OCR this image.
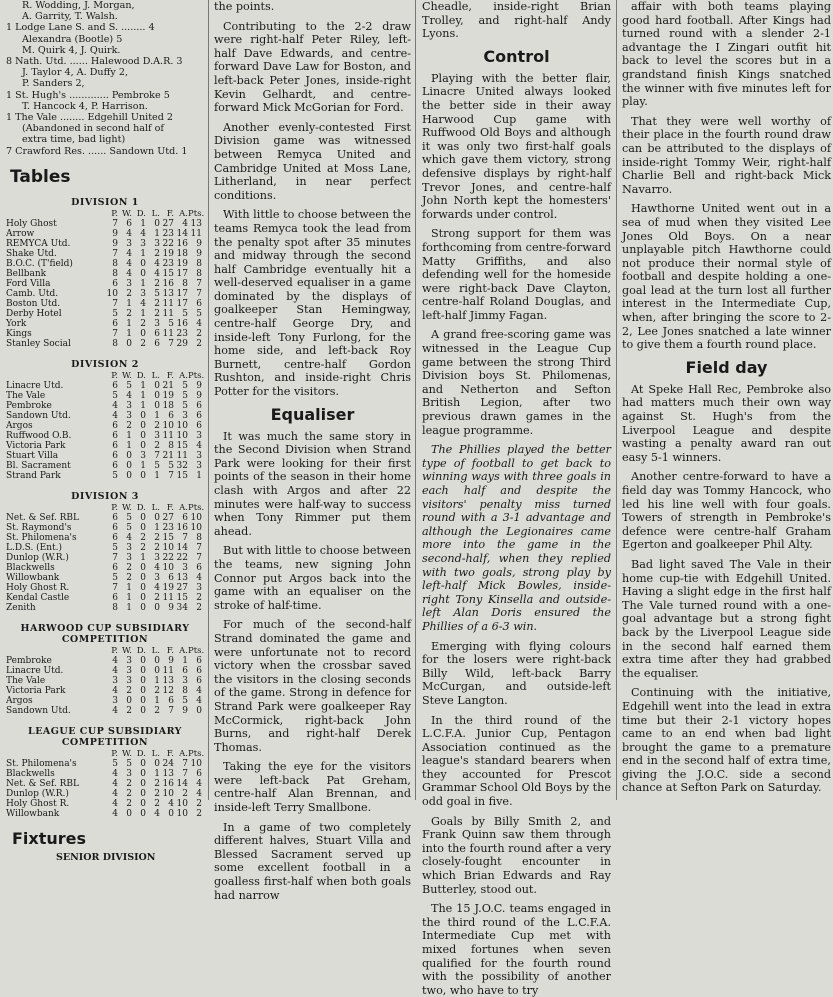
R. Wodding, J. Morgan,
A. Garrity, T. Walsh.
1 Lodge Lane S. and S. ........ 4
Alexandra (Bootle) 5
M. Quirk 4, J. Quirk.
8 Nath. Utd. ...... Halewood D.A.R. 3
J. Taylor 4, A. Duffy 2,
P. Sanders 2,
1 St. Hugh's ............. Pembroke 5
T. Hancock 4, P. Harrison.
1 The Vale ........ Edgehill United 2
(Abandoned in second half of
extra time, bad light)
7 Crawford Res. ...... Sandown Utd. 1
Tables
DIVISION 1
P. W. D. L. F. A. Pts.
Holy Ghost	7 6 1 0 27 4 13
Arrow	9 4 4 1 23 14 11
REMYCA Utd.	9 3 3 3 22 16 9
Shake Utd.	7 4 1 2 19 18 9
B.O.C. (T'field)	8 4 0 4 23 19 8
Bellbank	8 4 0 4 15 17 8
Ford Villa	6 3 1 2 16 8 7
Camb. Utd.	10 2 3 5 13 17 7
Boston Utd.	7 1 4 2 11 17 6
Derby Hotel	5 2 1 2 11 5 5
York	6 1 2 3 5 16 4
Kings	7 1 0 6 11 23 2
Stanley Social	8 0 2 6 7 29 2
DIVISION 2
P. W. D. L. F. A. Pts.
Linacre Utd.	6 5 1 0 21 5 9
The Vale	5 4 1 0 19 5 9
Pembroke	4 3 1 0 18 5 6
Sandown Utd.	4 3 0 1 6 3 6
Argos	6 2 0 2 10 10 6
Ruffwood O.B.	6 1 0 3 11 10 3
Victoria Park	6 1 0 2 8 15 4
Stuart Villa	6 0 3 7 21 11 3
Bl. Sacrament	6 0 1 5 5 32 3
Strand Park	5 0 0 1 7 15 1
DIVISION 3
P. W. D. L. F. A. Pts.
Net. & Sef. RBL	6 5 0 0 27 6 10
St. Raymond's	6 5 0 1 23 16 10
St. Philomena's	6 4 2 2 15 7 8
L.D.S. (Ent.)	5 3 2 2 10 14 7
Dunlop (W.R.)	7 3 1 3 22 22 7
Blackwells	6 2 0 4 10 3 6
Willowbank	5 2 0 3 6 13 4
Holy Ghost R.	7 1 0 4 19 27 3
Kendal Castle	6 1 0 2 11 15 2
Zenith	8 1 0 0 9 34 2
HARWOOD CUP SUBSIDIARY COMPETITION
P. W. D. L. F. A. Pts.
Pembroke	4 3 0 0 9 1 6
Linacre Utd.	4 3 0 0 11 6 6
The Vale	3 3 0 1 13 3 6
Victoria Park	4 2 0 2 12 8 4
Argos	3 0 0 1 6 5 4
Sandown Utd.	4 2 0 2 7 9 0
LEAGUE CUP SUBSIDIARY COMPETITION
P. W. D. L. F. A. Pts.
St. Philomena's	5 5 0 0 24 7 10
Blackwells	4 3 0 1 13 7 6
Net. & Sef. RBL	4 2 0 2 16 14 4
Dunlop (W.R.)	4 2 0 2 10 2 4
Holy Ghost R.	4 2 0 2 4 10 2
Willowbank	4 0 0 4 0 10 2
Fixtures
SENIOR DIVISION

the points.

Contributing to the 2-2 draw were right-half Peter Riley, left-half Dave Edwards, and centre-forward Dave Law for Boston, and left-back Peter Jones, inside-right Kevin Gelhardt, and centre-forward Mick McGorian for Ford.

Another evenly-contested First Division game was witnessed between Remyca United and Cambridge United at Moss Lane, Litherland, in near perfect conditions.

With little to choose between the teams Remyca took the lead from the penalty spot after 35 minutes and midway through the second half Cambridge eventually hit a well-deserved equaliser in a game dominated by the displays of goalkeeper Stan Hemingway, centre-half George Dry, and inside-left Tony Furlong, for the home side, and left-back Roy Burnett, centre-half Gordon Rushton, and inside-right Chris Potter for the visitors.

Equaliser

It was much the same story in the Second Division when Strand Park were looking for their first points of the season in their home clash with Argos and after 22 minutes were half-way to success when Tony Rimmer put them ahead.

But with little to choose between the teams, new signing John Connor put Argos back into the game with an equaliser on the stroke of half-time.

For much of the second-half Strand dominated the game and were unfortunate not to record victory when the crossbar saved the visitors in the closing seconds of the game. Strong in defence for Strand Park were goalkeeper Ray McCormick, right-back John Burns, and right-half Derek Thomas.

Taking the eye for the visitors were left-back Pat Greham, centre-half Alan Brennan, and inside-left Terry Smallbone.

In a game of two completely different halves, Stuart Villa and Blessed Sacrament served up some excellent football in a goalless first-half when both goals had narrow

Cheadle, inside-right Brian Trolley, and right-half Andy Lyons.

Control

Playing with the better flair, Linacre United always looked the better side in their away Harwood Cup game with Ruffwood Old Boys and although it was only two first-half goals which gave them victory, strong defensive displays by right-half Trevor Jones, and centre-half John North kept the homesters' forwards under control.

Strong support for them was forthcoming from centre-forward Matty Griffiths, and also defending well for the homeside were right-back Dave Clayton, centre-half Roland Douglas, and left-half Jimmy Fagan.

A grand free-scoring game was witnessed in the League Cup game between the strong Third Division boys St. Philomenas, and Netherton and Sefton British Legion, after two previous drawn games in the league programme.

The Phillies played the better type of football to get back to winning ways with three goals in each half and despite the visitors' penalty miss turned round with a 3-1 advantage and although the Legionaires came more into the game in the second-half, when they replied with two goals, strong play by left-half Mick Bowles, inside-right Tony Kinsella and outside-left Alan Doris ensured the Phillies of a 6-3 win.

Emerging with flying colours for the losers were right-back Billy Wild, left-back Barry McCurgan, and outside-left Steve Langton.

In the third round of the L.C.F.A. Junior Cup, Pentagon Association continued as the league's standard bearers when they accounted for Prescot Grammar School Old Boys by the odd goal in five.

Goals by Billy Smith 2, and Frank Quinn saw them through into the fourth round after a very closely-fought encounter in which Brian Edwards and Ray Butterley, stood out.

The 15 J.O.C. teams engaged in the third round of the L.C.F.A. Intermediate Cup met with mixed fortunes when seven qualified for the fourth round with the possibility of another two, who have to try

affair with both teams playing good hard football. After Kings had turned round with a slender 2-1 advantage the I Zingari outfit hit back to level the scores but in a grandstand finish Kings snatched the winner with five minutes left for play.

That they were well worthy of their place in the fourth round draw can be attributed to the displays of inside-right Tommy Weir, right-half Charlie Bell and right-back Mick Navarro.

Hawthorne United went out in a sea of mud when they visited Lee Jones Old Boys. On a near unplayable pitch Hawthorne could not produce their normal style of football and despite holding a one-goal lead at the turn lost all further interest in the Intermediate Cup, when, after bringing the score to 2-2, Lee Jones snatched a late winner to give them a fourth round place.

Field day

At Speke Hall Rec, Pembroke also had matters much their own way against St. Hugh's from the Liverpool League and despite wasting a penalty award ran out easy 5-1 winners.

Another centre-forward to have a field day was Tommy Hancock, who led his line well with four goals. Towers of strength in Pembroke's defence were centre-half Graham Egerton and goalkeeper Phil Alty.

Bad light saved The Vale in their home cup-tie with Edgehill United. Having a slight edge in the first half The Vale turned round with a one-goal advantage but a strong fight back by the Liverpool League side in the second half earned them extra time after they had grabbed the equaliser.

Continuing with the initiative, Edgehill went into the lead in extra time but their 2-1 victory hopes came to an end when bad light brought the game to a premature end in the second half of extra time, giving the J.O.C. side a second chance at Sefton Park on Saturday.
